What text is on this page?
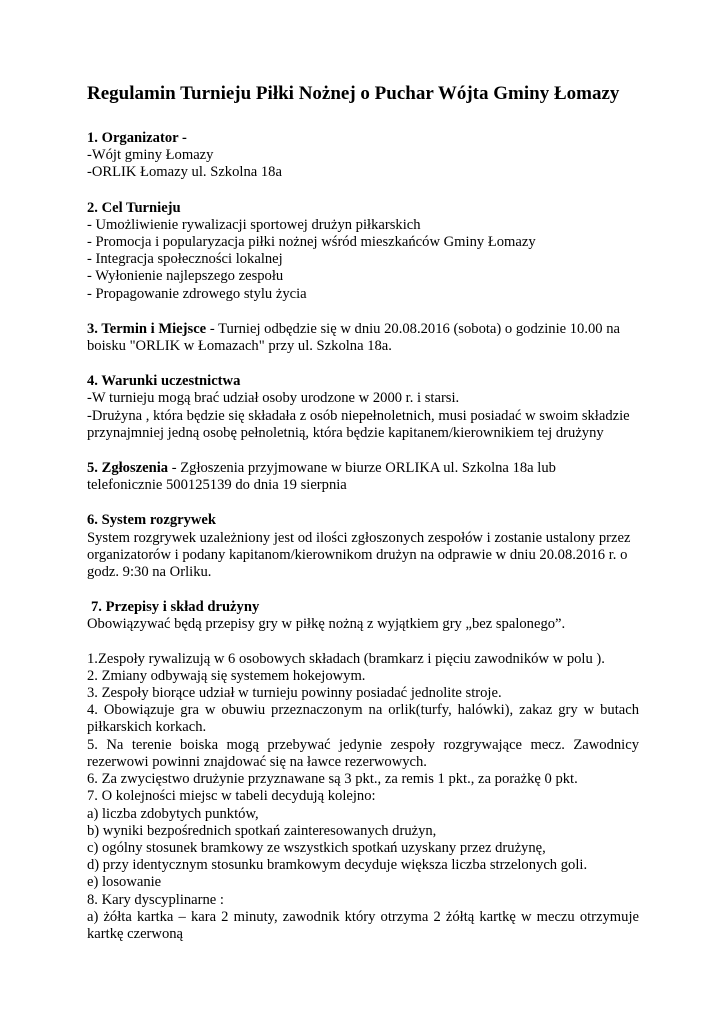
Regulamin Turnieju Piłki Nożnej o Puchar Wójta Gminy Łomazy
1. Organizator -
-Wójt gminy Łomazy
-ORLIK Łomazy ul. Szkolna 18a
2. Cel Turnieju
- Umożliwienie rywalizacji sportowej drużyn piłkarskich
- Promocja i popularyzacja piłki nożnej wśród mieszkańców Gminy Łomazy
- Integracja społeczności lokalnej
- Wyłonienie najlepszego zespołu
- Propagowanie zdrowego stylu życia
3. Termin i Miejsce - Turniej odbędzie się w dniu 20.08.2016 (sobota) o godzinie 10.00 na
boisku "ORLIK w Łomazach" przy ul. Szkolna 18a.
4. Warunki uczestnictwa
-W turnieju mogą brać udział osoby urodzone w 2000 r. i starsi.
-Drużyna , która będzie się składała z osób niepełnoletnich, musi posiadać w swoim składzie
przynajmniej jedną osobę pełnoletnią, która będzie kapitanem/kierownikiem tej drużyny
5. Zgłoszenia - Zgłoszenia przyjmowane w biurze ORLIKA ul. Szkolna 18a lub
telefonicznie 500125139 do dnia 19 sierpnia
6. System rozgrywek
System rozgrywek uzależniony jest od ilości zgłoszonych zespołów i zostanie ustalony przez
organizatorów i podany kapitanom/kierownikom drużyn na odprawie w dniu 20.08.2016 r. o
godz. 9:30 na Orliku.
7. Przepisy i skład drużyny
Obowiązywać będą przepisy gry w piłkę nożną z wyjątkiem gry „bez spalonego”.
1.Zespoły rywalizują w 6 osobowych składach (bramkarz i pięciu zawodników w polu ).
2. Zmiany odbywają się systemem hokejowym.
3. Zespoły biorące udział w turnieju powinny posiadać jednolite stroje.
4. Obowiązuje gra w obuwiu przeznaczonym na orlik(turfy, halówki), zakaz gry w butach piłkarskich korkach.
5. Na terenie boiska mogą przebywać jedynie zespoły rozgrywające mecz. Zawodnicy rezerwowi powinni znajdować się na ławce rezerwowych.
6. Za zwycięstwo drużynie przyznawane są 3 pkt., za remis 1 pkt., za porażkę 0 pkt.
7. O kolejności miejsc w tabeli decydują kolejno:
a) liczba zdobytych punktów,
b) wyniki bezpośrednich spotkań zainteresowanych drużyn,
c) ogólny stosunek bramkowy ze wszystkich spotkań uzyskany przez drużynę,
d) przy identycznym stosunku bramkowym decyduje większa liczba strzelonych goli.
e) losowanie
8. Kary dyscyplinarne :
a) żółta kartka – kara 2 minuty, zawodnik który otrzyma 2 żółtą kartkę w meczu otrzymuje kartkę czerwoną
